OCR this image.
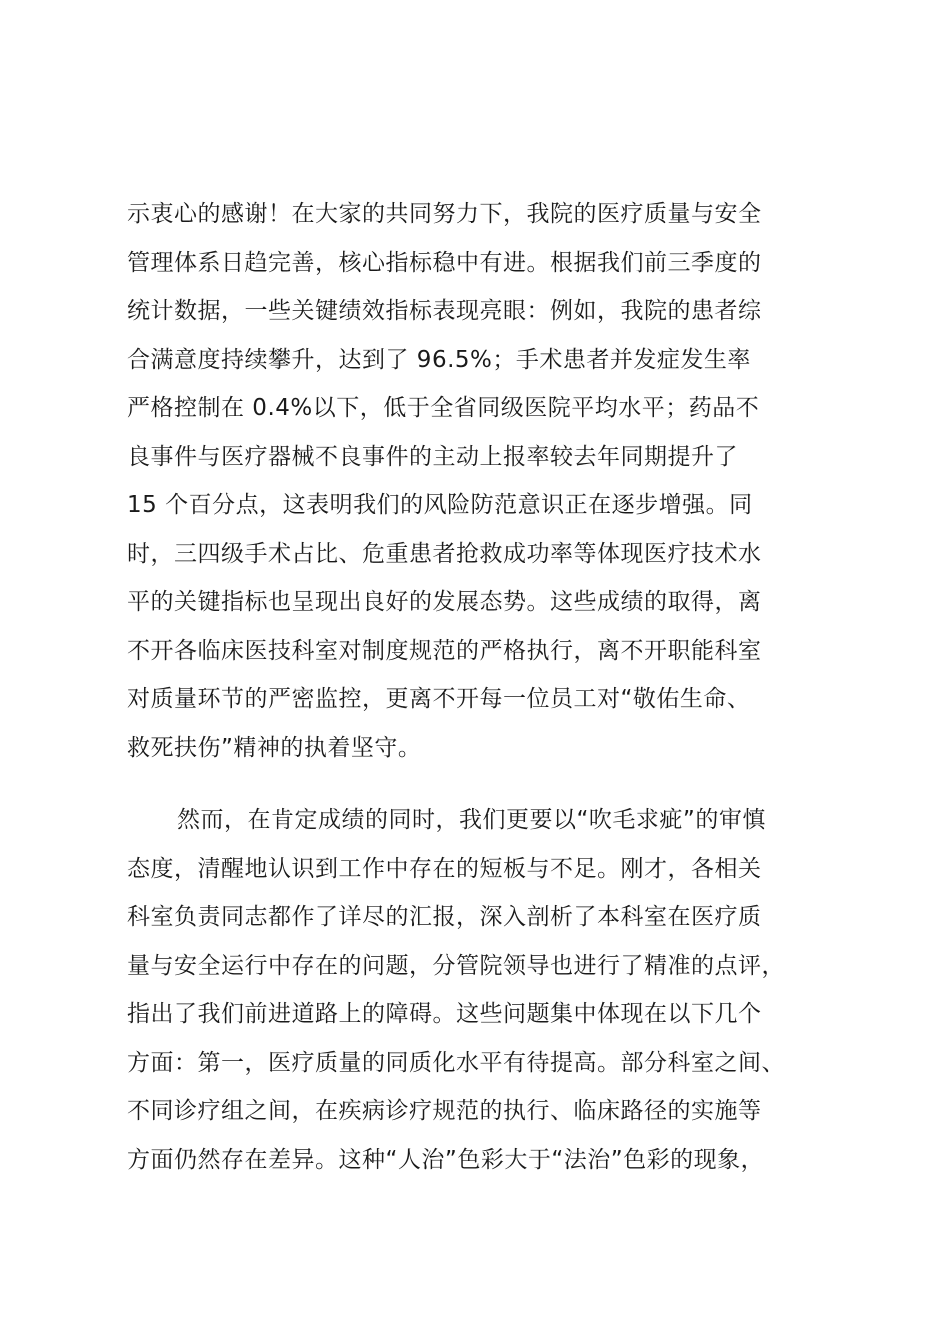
示衷心的感谢！在大家的共同努力下，我院的医疗质量与安全
管理体系日趋完善，核心指标稳中有进。根据我们前三季度的
统计数据，一些关键绩效指标表现亮眼：例如，我院的患者综
合满意度持续攀升，达到了 96.5%；手术患者并发症发生率
严格控制在 0.4%以下，低于全省同级医院平均水平；药品不
良事件与医疗器械不良事件的主动上报率较去年同期提升了
15 个百分点，这表明我们的风险防范意识正在逐步增强。同
时，三四级手术占比、危重患者抢救成功率等体现医疗技术水
平的关键指标也呈现出良好的发展态势。这些成绩的取得，离
不开各临床医技科室对制度规范的严格执行，离不开职能科室
对质量环节的严密监控，更离不开每一位员工对“敬佑生命、
救死扶伤”精神的执着坚守。
然而，在肯定成绩的同时，我们更要以“吹毛求疵”的审慎
态度，清醒地认识到工作中存在的短板与不足。刚才，各相关
科室负责同志都作了详尽的汇报，深入剖析了本科室在医疗质
量与安全运行中存在的问题，分管院领导也进行了精准的点评，
指出了我们前进道路上的障碍。这些问题集中体现在以下几个
方面：第一，医疗质量的同质化水平有待提高。部分科室之间、
不同诊疗组之间，在疾病诊疗规范的执行、临床路径的实施等
方面仍然存在差异。这种“人治”色彩大于“法治”色彩的现象，
